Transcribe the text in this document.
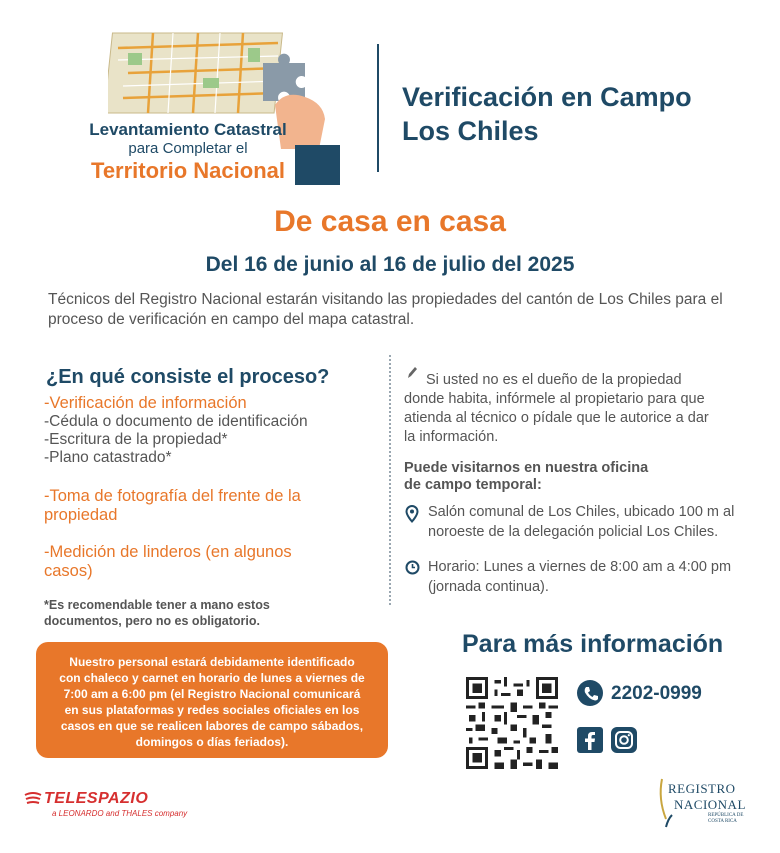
Levantamiento Catastral
para Completar el
Territorio Nacional
Verificación en Campo
Los Chiles
De casa en casa
Del 16 de junio al 16 de julio del 2025
Técnicos del Registro Nacional estarán visitando las propiedades del cantón de Los Chiles para el proceso de verificación en campo del mapa catastral.
¿En qué consiste el proceso?
-Verificación de información
-Cédula o documento de identificación
-Escritura de la propiedad*
-Plano catastrado*
-Toma de fotografía del frente de la
propiedad
-Medición de linderos (en algunos
casos)
*Es recomendable tener a mano estos
documentos, pero no es obligatorio.
Nuestro personal estará debidamente identificado
con chaleco y carnet en horario de lunes a viernes de
7:00 am a 6:00 pm (el Registro Nacional comunicará
en sus plataformas y redes sociales oficiales en los
casos en que se realicen labores de campo sábados,
domingos o días feriados).
Si usted no es el dueño de la propiedad
donde habita, infórmele al propietario para que
atienda al técnico o pídale que le autorice a dar
la información.
Puede visitarnos en nuestra oficina
de campo temporal:
Salón comunal de Los Chiles, ubicado 100 m al
noroeste de la delegación policial Los Chiles.
Horario: Lunes a viernes de 8:00 am a 4:00 pm
(jornada continua).
Para más información
2202-0999
TELESPAZIO
a LEONARDO and THALES company
REGISTRO
NACIONAL
REPÚBLICA DE
COSTA RICA
